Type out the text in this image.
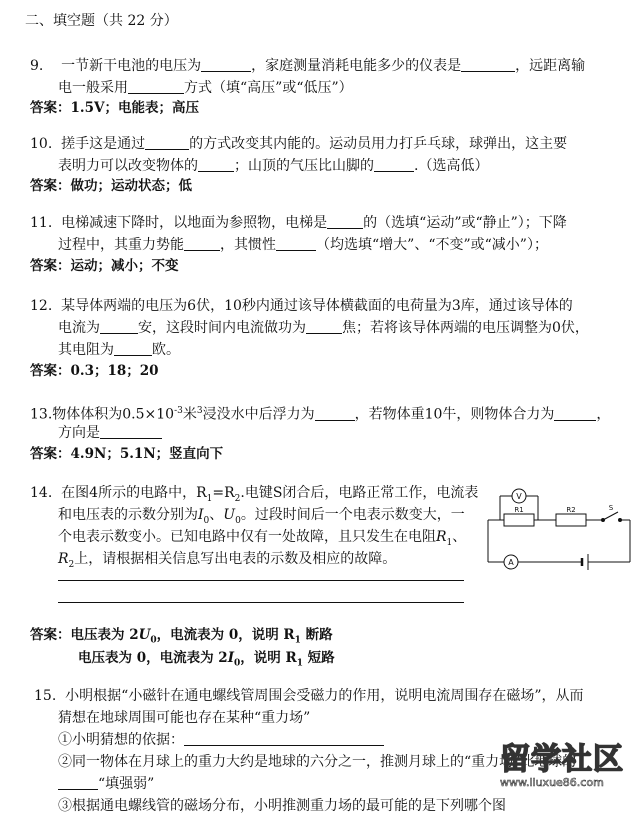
二、填空题（共 22 分）
9. 一节新干电池的电压为	，家庭测量消耗电能多少的仪表是	，远距离输
电一般采用	方式（填“高压”或“低压”）
答案：1.5V；电能表；高压
10. 搓手这是通过	的方式改变其内能的。运动员用力打乒乓球，球弹出，这主要
表明力可以改变物体的	；山顶的气压比山脚的	.（选高低）
答案：做功；运动状态；低
11. 电梯减速下降时，以地面为参照物，电梯是	的（选填“运动”或“静止”）；下降
过程中，其重力势能	，其惯性	（均选填“增大”、“不变”或“减小”）；
答案：运动；减小；不变
12. 某导体两端的电压为6伏，10秒内通过该导体横截面的电荷量为3库，通过该导体的
电流为	安，这段时间内电流做功为	焦；若将该导体两端的电压调整为0伏，
其电阻为	欧。
答案：0.3；18；20
13.物体体积为$0.5\times 10^{-3}$米$^3$浸没水中后浮力为	，若物体重10牛，则物体合力为	，
方向是
答案：4.9N；5.1N；竖直向下
14. 在图4所示的电路中，$R_1=R_2$.电键S闭合后，电路正常工作，电流表
和电压表的示数分别为$I_0$、$U_0$。过段时间后一个电表示数变大，一
个电表示数变小。已知电路中仅有一处故障，且只发生在电阻$R_1$、
$R_2$上，请根据相关信息写出电表的示数及相应的故障。
答案：电压表为 $2U_0$，电流表为 0，说明 $R_1$ 断路
电压表为 0，电流表为 $2I_0$，说明 $R_1$ 短路
V
A
R1	R2	S
15. 小明根据“小磁针在通电螺线管周围会受磁力的作用，说明电流周围存在磁场”，从而
猜想在地球周围可能也存在某种“重力场”
①小明猜想的依据：
②同一物体在月球上的重力大约是地球的六分之一，推测月球上的“重力场”比地球的
“填强弱”
③根据通电螺线管的磁场分布，小明推测重力场的最可能的是下列哪个图
留学社区
www.liuxue86.com
